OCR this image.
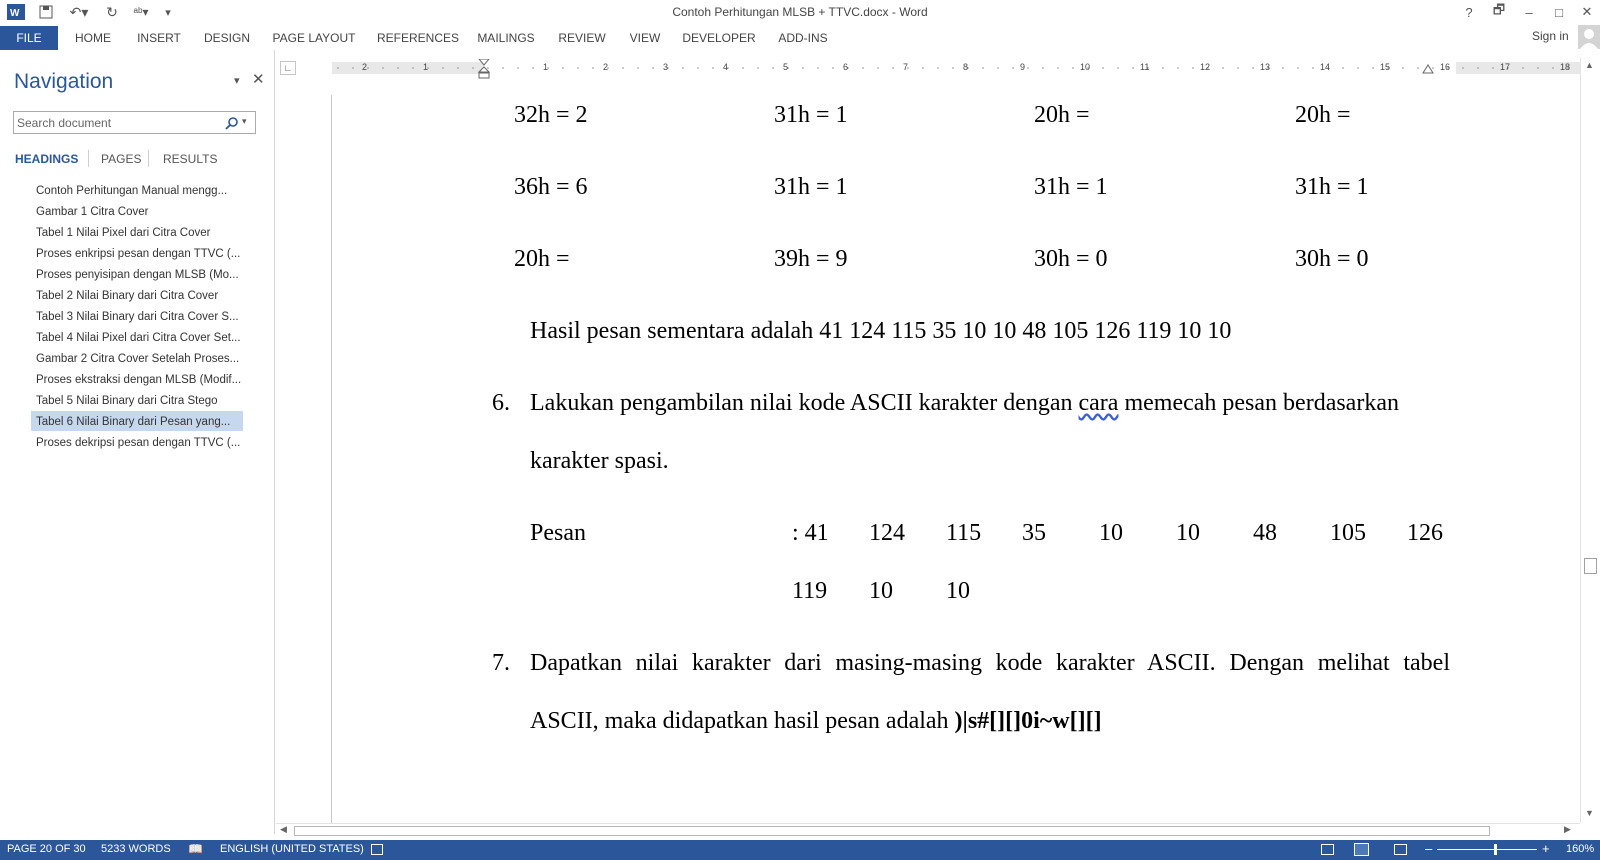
W	↶▾	↻	ᵃᵇ▾	▾	Contoh Perhitungan MLSB + TTVC.docx - Word	?	🗗	–	□	✕
FILE	HOME	INSERT	DESIGN	PAGE LAYOUT	REFERENCES	MAILINGS	REVIEW	VIEW	DEVELOPER	ADD-INS	Sign in
Navigation	▾ ✕
Search document	▾
HEADINGS PAGES RESULTS
Contoh Perhitungan Manual mengg...
Gambar 1 Citra Cover
Tabel 1 Nilai Pixel dari Citra Cover
Proses enkripsi pesan dengan TTVC (...
Proses penyisipan dengan MLSB (Mo...
Tabel 2 Nilai Binary dari Citra Cover
Tabel 3 Nilai Binary dari Citra Cover S...
Tabel 4 Nilai Pixel dari Citra Cover Set...
Gambar 2 Citra Cover Setelah Proses...
Proses ekstraksi dengan MLSB (Modif...
Tabel 5 Nilai Binary dari Citra Stego
Tabel 6 Nilai Binary dari Pesan yang...
Proses dekripsi pesan dengan TTVC (...
∟	2	1	1	2	3	4	5	6	7	8	9	10	11	12	13	14	15	16	17	18
32h = 2	31h = 1	20h =	20h =
36h = 6	31h = 1	31h = 1	31h = 1
20h =	39h = 9	30h = 0	30h = 0
Hasil pesan sementara adalah 41 124 115 35 10 10 48 105 126 119 10 10
6. Lakukan pengambilan nilai kode ASCII karakter dengan cara memecah pesan berdasarkan
karakter spasi.
Pesan	: 41 124 115 35 10 10 48 105 126
119 10 10
7. Dapatkan nilai karakter dari masing-masing kode karakter ASCII. Dengan melihat tabel
ASCII, maka didapatkan hasil pesan adalah )|s#[][]0i~w[][]
▲
▼
◀	▶
PAGE 20 OF 30 5233 WORDS 📖 ENGLISH (UNITED STATES)	–	+ 160%
